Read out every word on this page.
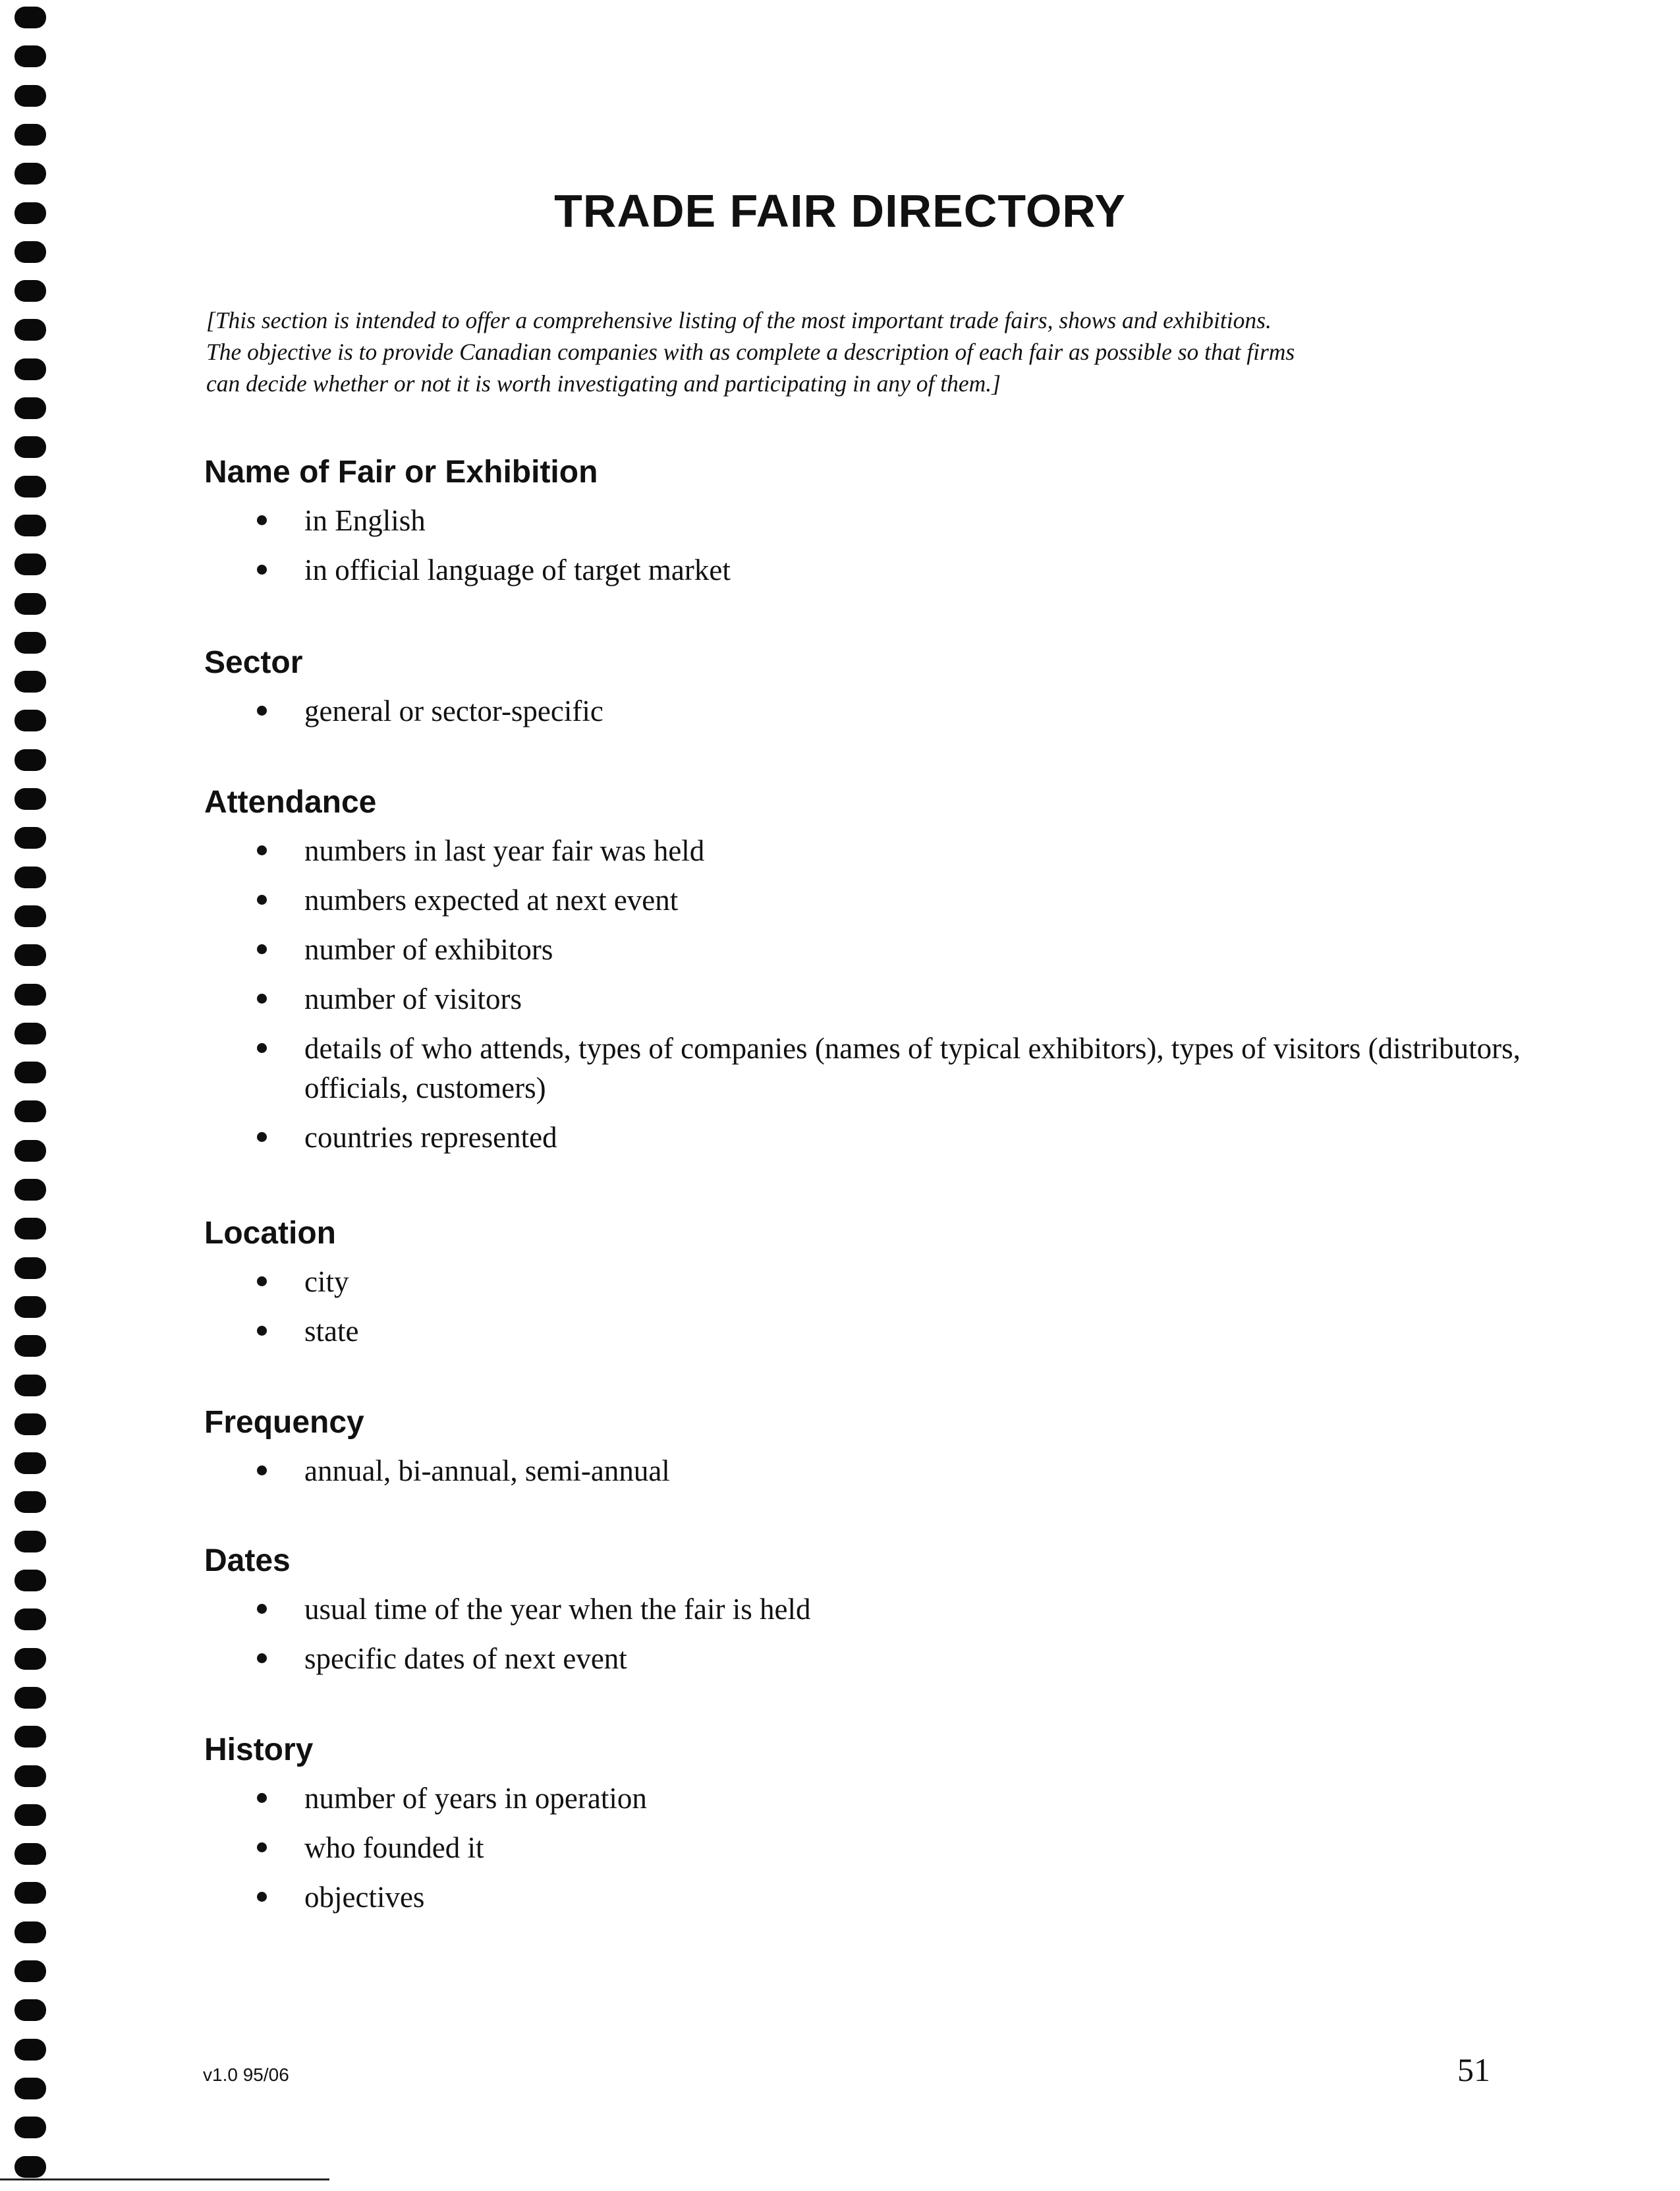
TRADE FAIR DIRECTORY

[This section is intended to offer a comprehensive listing of the most important trade fairs, shows and exhibitions.
The objective is to provide Canadian companies with as complete a description of each fair as possible so that firms
can decide whether or not it is worth investigating and participating in any of them.]

Name of Fair or Exhibition
in English
in official language of target market
Sector
general or sector-specific
Attendance
numbers in last year fair was held
numbers expected at next event
number of exhibitors
number of visitors
details of who attends, types of companies (names of typical exhibitors), types of visitors (distributors, officials, customers)
countries represented
Location
city
state
Frequency
annual, bi-annual, semi-annual
Dates
usual time of the year when the fair is held
specific dates of next event
History
number of years in operation
who founded it
objectives
v1.0 95/06	51
